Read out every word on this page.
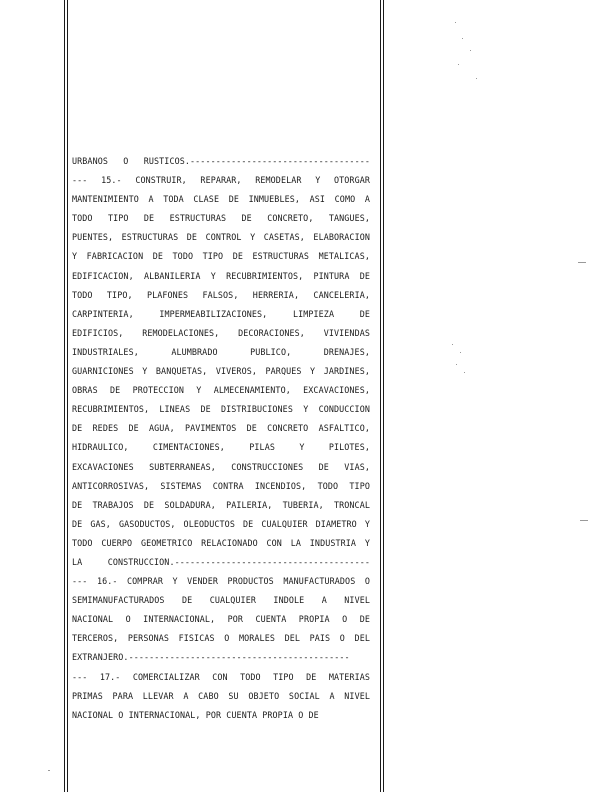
URBANOS O RUSTICOS.-----------------------------------
--- 15.- CONSTRUIR, REPARAR, REMODELAR Y OTORGAR
MANTENIMIENTO A TODA CLASE DE INMUEBLES, ASI COMO A
TODO TIPO DE ESTRUCTURAS DE CONCRETO, TANGUES,
PUENTES, ESTRUCTURAS DE CONTROL Y CASETAS, ELABORACION
Y FABRICACION DE TODO TIPO DE ESTRUCTURAS METALICAS,
EDIFICACION, ALBANILERIA Y RECUBRIMIENTOS, PINTURA DE
TODO TIPO, PLAFONES FALSOS, HERRERIA, CANCELERIA,
CARPINTERIA, IMPERMEABILIZACIONES, LIMPIEZA DE
EDIFICIOS, REMODELACIONES, DECORACIONES, VIVIENDAS
INDUSTRIALES, ALUMBRADO PUBLICO, DRENAJES,
GUARNICIONES Y BANQUETAS, VIVEROS, PARQUES Y JARDINES,
OBRAS DE PROTECCION Y ALMECENAMIENTO, EXCAVACIONES,
RECUBRIMIENTOS, LINEAS DE DISTRIBUCIONES Y CONDUCCION
DE REDES DE AGUA, PAVIMENTOS DE CONCRETO ASFALTICO,
HIDRAULICO, CIMENTACIONES, PILAS Y PILOTES,
EXCAVACIONES SUBTERRANEAS, CONSTRUCCIONES DE VIAS,
ANTICORROSIVAS, SISTEMAS CONTRA INCENDIOS, TODO TIPO
DE TRABAJOS DE SOLDADURA, PAILERIA, TUBERIA, TRONCAL
DE GAS, GASODUCTOS, OLEODUCTOS DE CUALQUIER DIAMETRO Y
TODO CUERPO GEOMETRICO RELACIONADO CON LA INDUSTRIA Y
LA CONSTRUCCION.--------------------------------------
--- 16.- COMPRAR Y VENDER PRODUCTOS MANUFACTURADOS O
SEMIMANUFACTURADOS DE CUALQUIER INDOLE A NIVEL
NACIONAL O INTERNACIONAL, POR CUENTA PROPIA O DE
TERCEROS, PERSONAS FISICAS O MORALES DEL PAIS O DEL
EXTRANJERO.-------------------------------------------
--- 17.- COMERCIALIZAR CON TODO TIPO DE MATERIAS
PRIMAS PARA LLEVAR A CABO SU OBJETO SOCIAL A NIVEL
NACIONAL O INTERNACIONAL, POR CUENTA PROPIA O DE
